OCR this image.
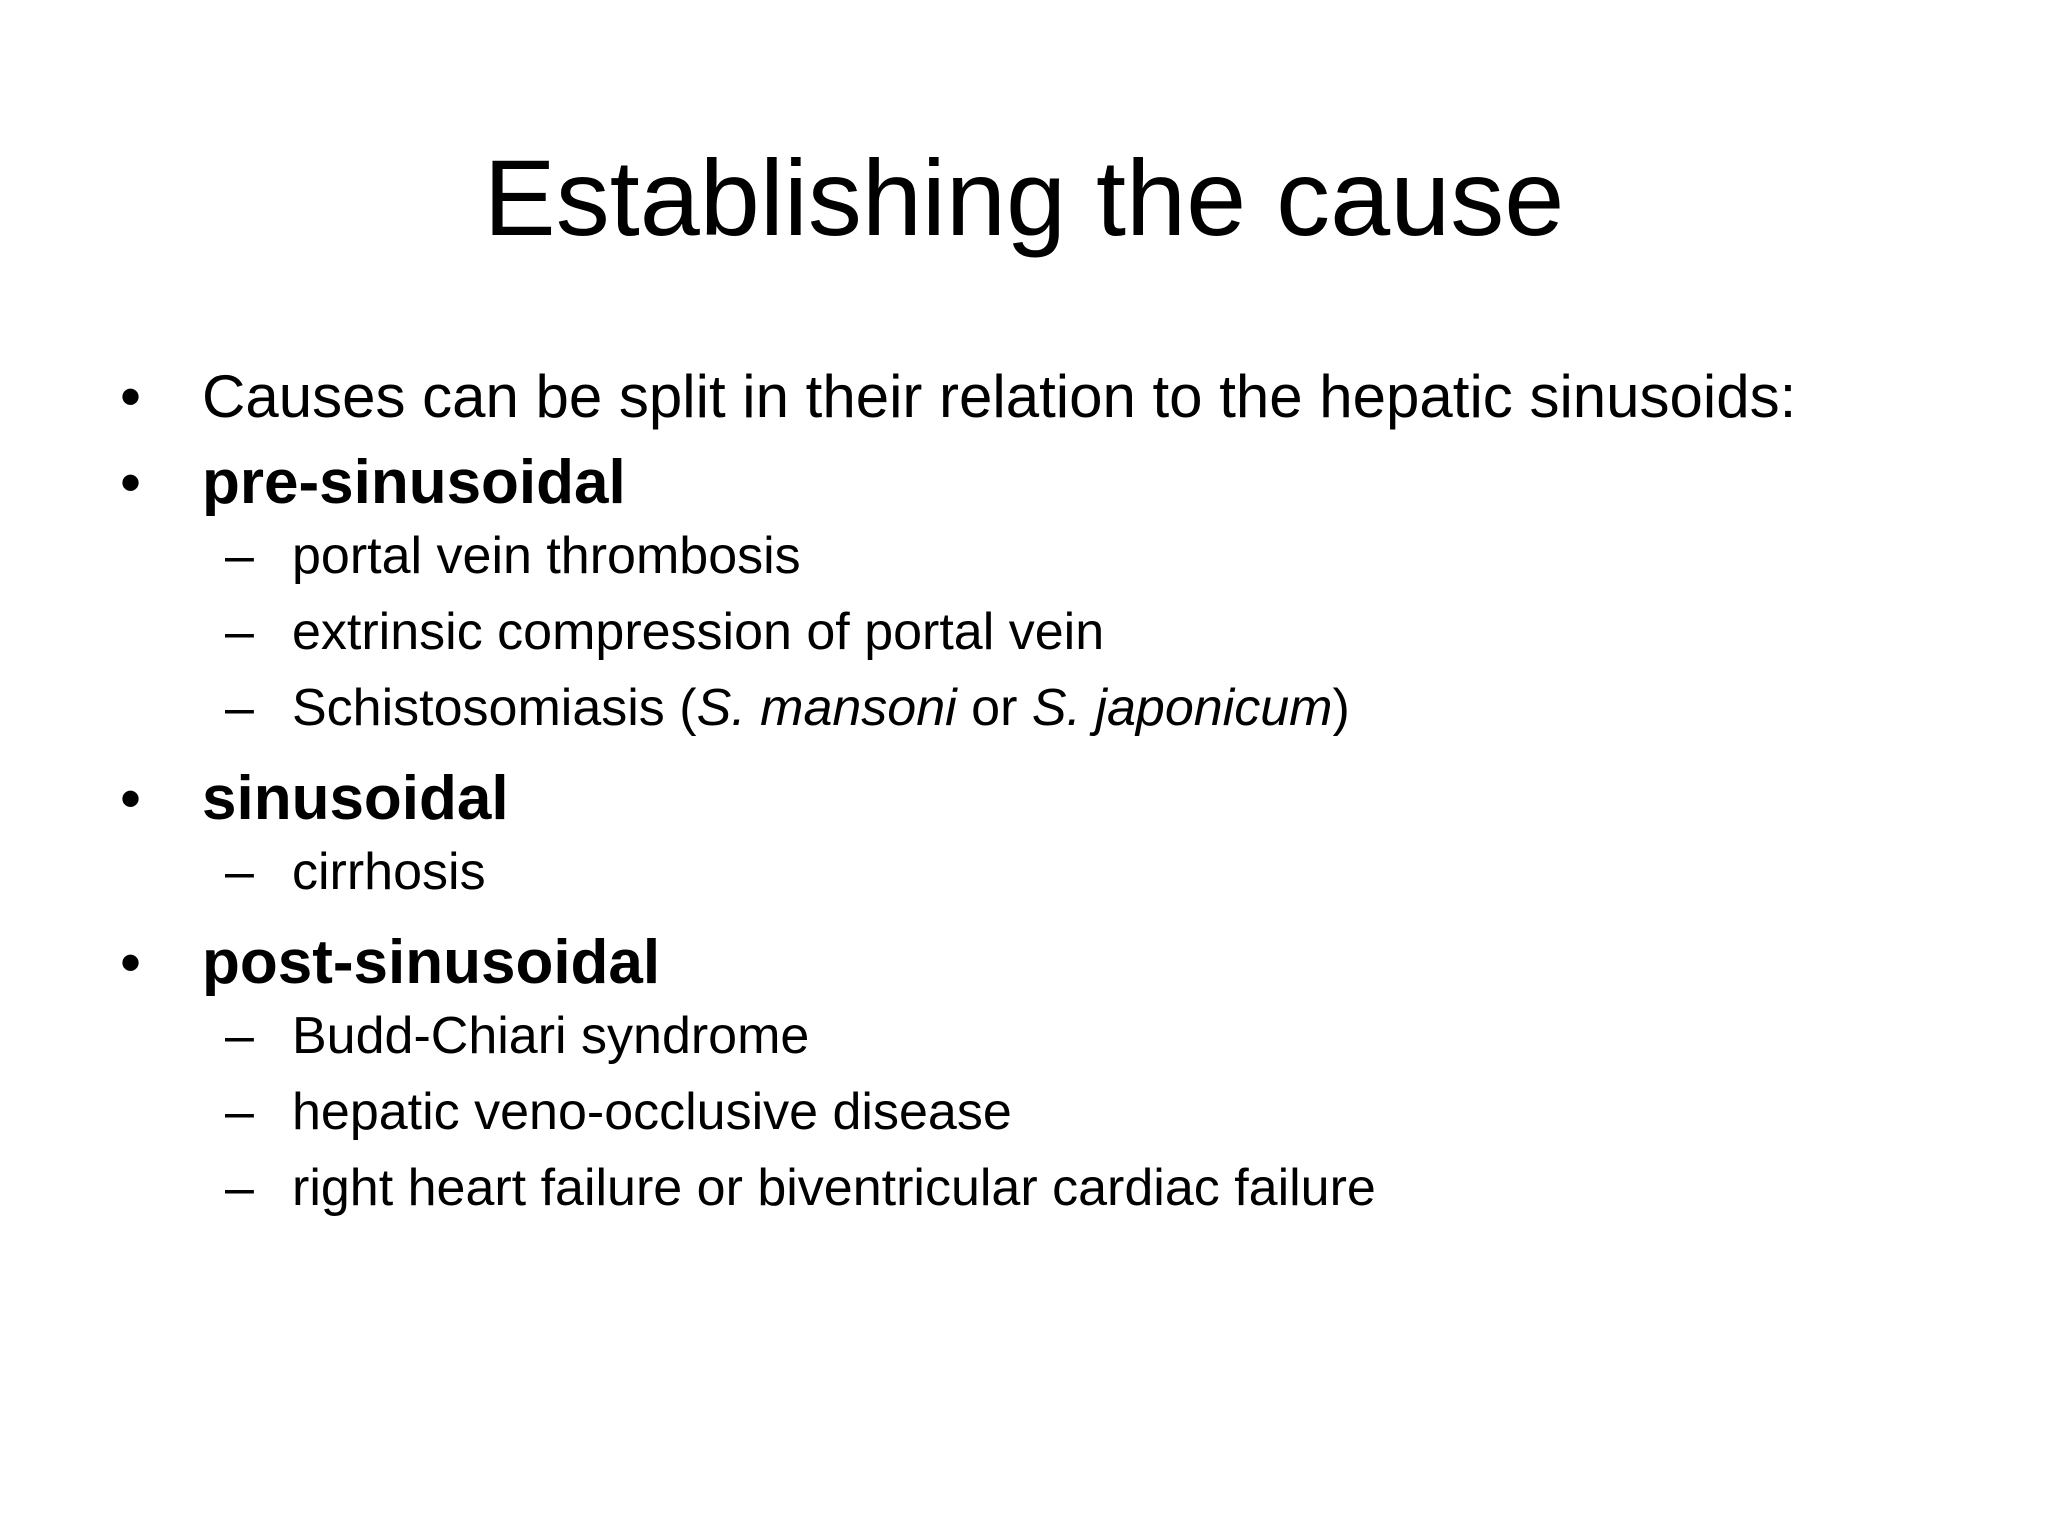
Establishing the cause
• Causes can be split in their relation to the hepatic sinusoids:
• pre-sinusoidal
– portal vein thrombosis
– extrinsic compression of portal vein
– Schistosomiasis (S. mansoni or S. japonicum)
• sinusoidal
– cirrhosis
• post-sinusoidal
– Budd-Chiari syndrome
– hepatic veno-occlusive disease
– right heart failure or biventricular cardiac failure
